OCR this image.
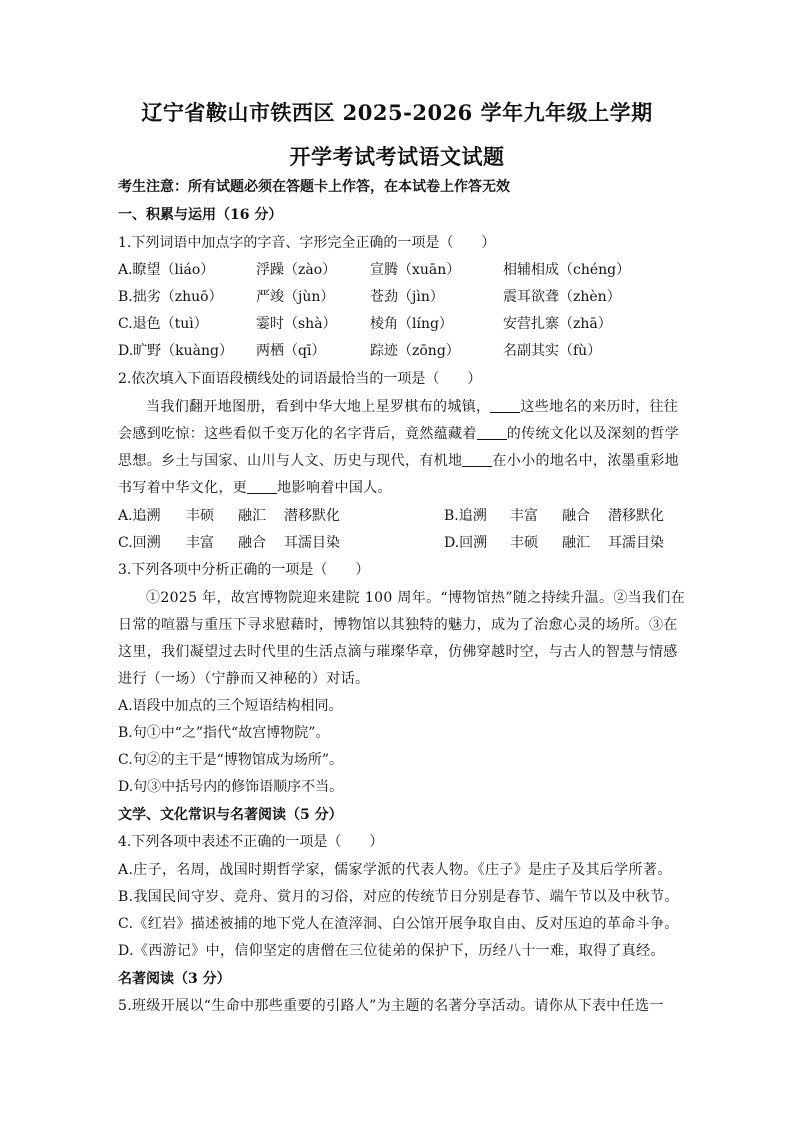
辽宁省鞍山市铁西区 2025-2026 学年九年级上学期
开学考试考试语文试题
考生注意：所有试题必须在答题卡上作答，在本试卷上作答无效
一、积累与运用（16 分）
1.下列词语中加点字的字音、字形完全正确的一项是（　　）
A.瞭望（liáo）	浮躁（zào） 宣腾（xuān）	相辅相成（chéng）
B.拙劣（zhuō） 严竣（jùn）	苍劲（jìn）	震耳欲聋（zhèn）
C.退色（tuì）	霎时（shà） 棱角（líng）	安营扎寨（zhā）
D.旷野（kuàng） 两栖（qī）	踪迹（zōng）	名副其实（fù）
2.依次填入下面语段横线处的词语最恰当的一项是（　　）
当我们翻开地图册，看到中华大地上星罗棋布的城镇， 这些地名的来历时，往往
会感到吃惊：这些看似千变万化的名字背后，竟然蕴藏着 的传统文化以及深刻的哲学
思想。乡土与国家、山川与人文、历史与现代，有机地 在小小的地名中，浓墨重彩地
书写着中华文化，更 地影响着中国人。
A.追溯 丰硕 融汇 潜移默化	B.追溯 丰富 融合 潜移默化
C.回溯 丰富 融合 耳濡目染	D.回溯 丰硕 融汇 耳濡目染
3.下列各项中分析正确的一项是（　　）
①2025 年，故宫博物院迎来建院 100 周年。“博物馆热”随之持续升温。②当我们在
日常的喧嚣与重压下寻求慰藉时，博物馆以其独特的魅力，成为了治愈心灵的场所。③在
这里，我们凝望过去时代里的生活点滴与璀璨华章，仿佛穿越时空，与古人的智慧与情感
进行（一场）（宁静而又神秘的）对话。
A.语段中加点的三个短语结构相同。
B.句①中“之”指代“故宫博物院”。
C.句②的主干是“博物馆成为场所”。
D.句③中括号内的修饰语顺序不当。
文学、文化常识与名著阅读（5 分）
4.下列各项中表述不正确的一项是（　　）
A.庄子，名周，战国时期哲学家，儒家学派的代表人物。《庄子》是庄子及其后学所著。
B.我国民间守岁、竞舟、赏月的习俗，对应的传统节日分别是春节、端午节以及中秋节。
C.《红岩》描述被捕的地下党人在渣滓洞、白公馆开展争取自由、反对压迫的革命斗争。
D.《西游记》中，信仰坚定的唐僧在三位徒弟的保护下，历经八十一难，取得了真经。
名著阅读（3 分）
5.班级开展以“生命中那些重要的引路人”为主题的名著分享活动。请你从下表中任选一
